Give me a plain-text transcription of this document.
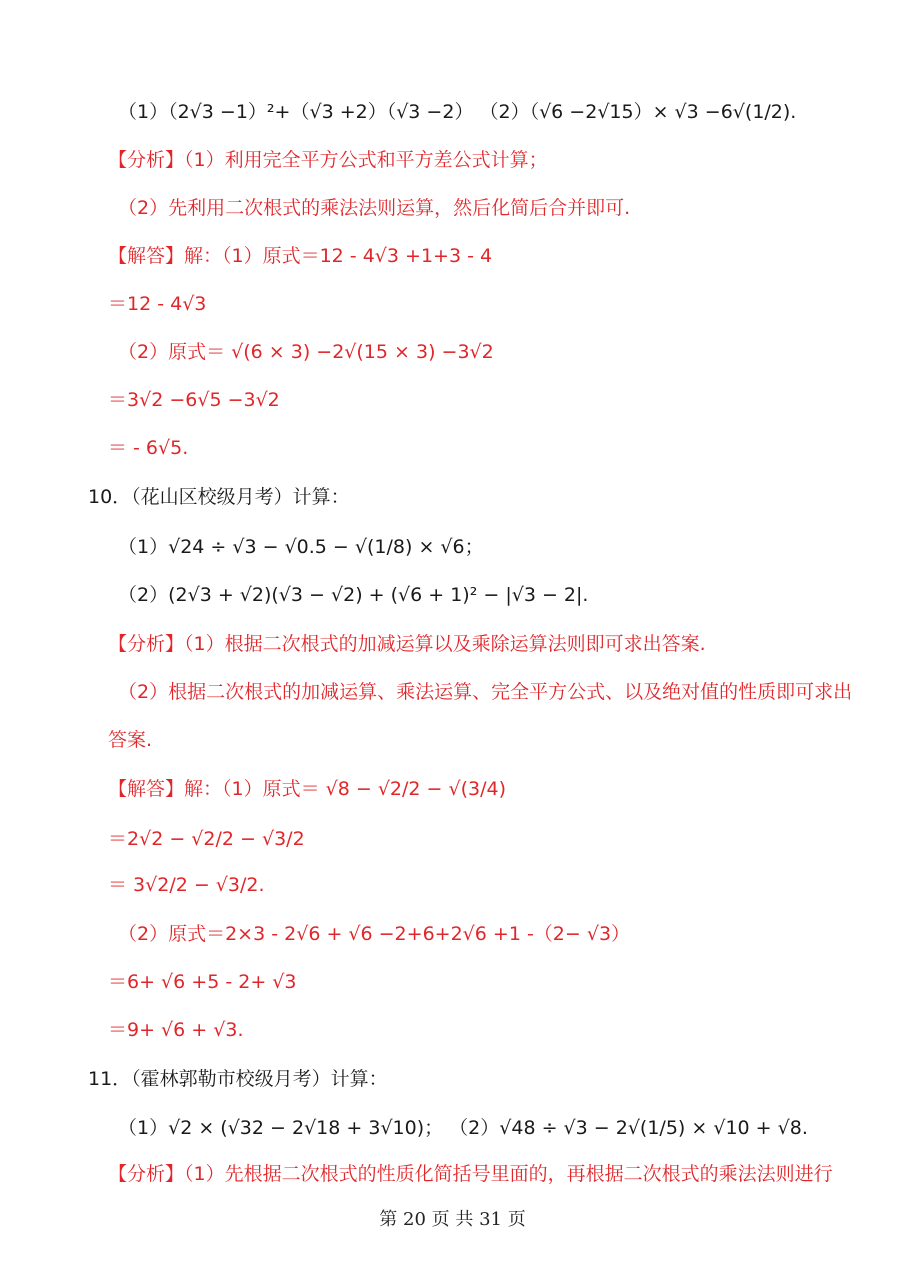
（1）（2√3 −1）²+（√3 +2）（√3 −2） （2）（√6 −2√15）× √3 −6√(1/2).
【分析】（1）利用完全平方公式和平方差公式计算；
（2）先利用二次根式的乘法法则运算，然后化简后合并即可.
【解答】解：（1）原式＝12 - 4√3 +1+3 - 4
＝12 - 4√3
（2）原式＝ √(6 × 3) −2√(15 × 3) −3√2
＝3√2 −6√5 −3√2
＝ - 6√5.
10．（花山区校级月考）计算：
（1）√24 ÷ √3 − √0.5 − √(1/8) × √6；
（2）(2√3 + √2)(√3 − √2) + (√6 + 1)² − |√3 − 2|.
【分析】（1）根据二次根式的加减运算以及乘除运算法则即可求出答案.
（2）根据二次根式的加减运算、乘法运算、完全平方公式、以及绝对值的性质即可求出
答案.
【解答】解：（1）原式＝ √8 − √2/2 − √(3/4)
＝2√2 − √2/2 − √3/2
＝ 3√2/2 − √3/2.
（2）原式＝2×3 - 2√6 + √6 −2+6+2√6 +1 -（2− √3）
＝6+ √6 +5 - 2+ √3
＝9+ √6 + √3.
11．（霍林郭勒市校级月考）计算：
（1）√2 × (√32 − 2√18 + 3√10)； （2）√48 ÷ √3 − 2√(1/5) × √10 + √8.
【分析】（1）先根据二次根式的性质化简括号里面的，再根据二次根式的乘法法则进行
第 20 页 共 31 页
